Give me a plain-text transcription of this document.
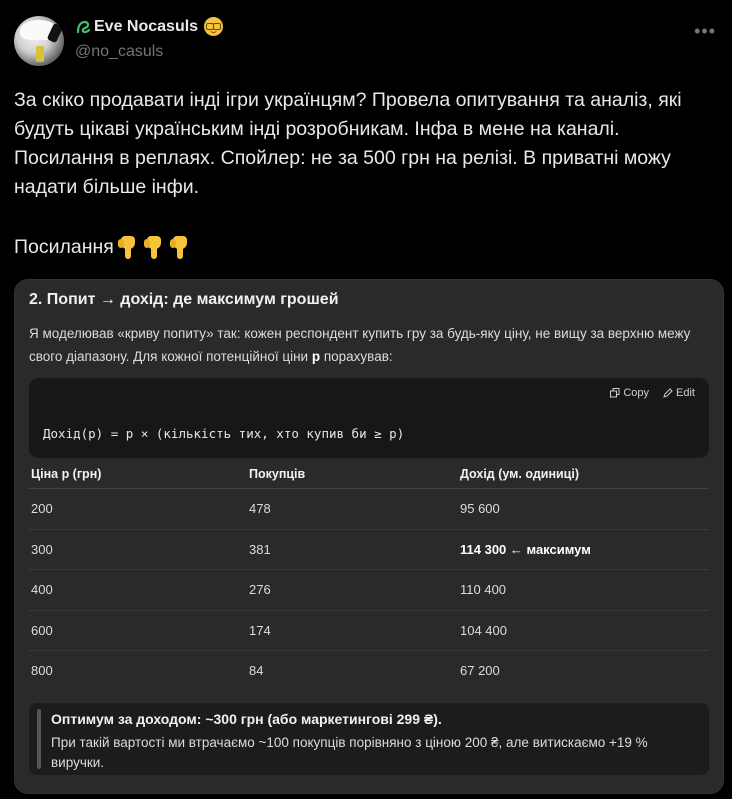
Eve Nocasuls
@no_casuls
•••

За скіко продавати інді ігри українцям? Провела опитування та аналіз, які будуть цікаві українським інді розробникам. Інфа в мене на каналі. Посилання в реплаях. Спойлер: не за 500 грн на релізі. В приватні можу надати більше інфи.

Посилання
2. Попит → дохід: де максимум грошей
Я моделював «криву попиту» так: кожен респондент купить гру за будь-яку ціну, не вищу за верхню межу свого діапазону. Для кожної потенційної ціни p порахував:
Copy Edit
Дохід(p) = p × (кількість тих, хто купив би ≥ p)
Ціна p (грн)	Покупців	Дохід (ум. одиниці)
200	478	95 600
300	381	114 300 ← максимум
400	276	110 400
600	174	104 400
800	84	67 200
Оптимум за доходом: ~300 грн (або маркетингові 299 ₴).
При такій вартості ми втрачаємо ~100 покупців порівняно з ціною 200 ₴, але витискаємо +19 % виручки.
